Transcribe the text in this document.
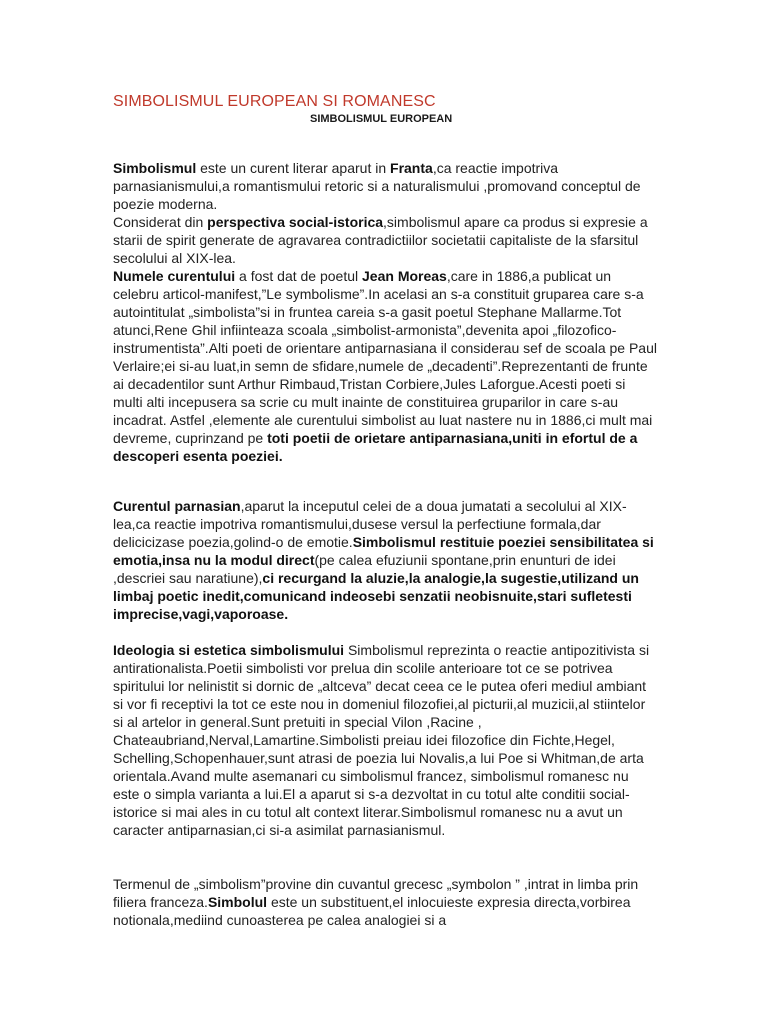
SIMBOLISMUL EUROPEAN SI ROMANESC
SIMBOLISMUL EUROPEAN

Simbolismul este un curent literar aparut in Franta,ca reactie impotriva parnasianismului,a romantismului retoric si a naturalismului ,promovand conceptul de poezie moderna.

Considerat din perspectiva social-istorica,simbolismul apare ca produs si expresie a starii de spirit generate de agravarea contradictiilor societatii capitaliste de la sfarsitul secolului al XIX-lea.

Numele curentului a fost dat de poetul Jean Moreas,care in 1886,a publicat un celebru articol-manifest,”Le symbolisme”.In acelasi an s-a constituit gruparea care s-a autointitulat „simbolista”si in fruntea careia s-a gasit poetul Stephane Mallarme.Tot atunci,Rene Ghil infiinteaza scoala „simbolist-armonista”,devenita apoi „filozofico-instrumentista”.Alti poeti de orientare antiparnasiana il considerau sef de scoala pe Paul Verlaire;ei si-au luat,in semn de sfidare,numele de „decadenti”.Reprezentanti de frunte ai decadentilor sunt Arthur Rimbaud,Tristan Corbiere,Jules Laforgue.Acesti poeti si multi alti incepusera sa scrie cu mult inainte de constituirea gruparilor in care s-au incadrat. Astfel ,elemente ale curentului simbolist au luat nastere nu in 1886,ci mult mai devreme, cuprinzand pe toti poetii de orietare antiparnasiana,uniti in efortul de a descoperi esenta poeziei.

Curentul parnasian,aparut la inceputul celei de a doua jumatati a secolului al XIX-lea,ca reactie impotriva romantismului,dusese versul la perfectiune formala,dar delicicizase poezia,golind-o de emotie.Simbolismul restituie poeziei sensibilitatea si emotia,insa nu la modul direct(pe calea efuziunii spontane,prin enunturi de idei ,descriei sau naratiune),ci recurgand la aluzie,la analogie,la sugestie,utilizand un limbaj poetic inedit,comunicand indeosebi senzatii neobisnuite,stari sufletesti imprecise,vagi,vaporoase.

Ideologia si estetica simbolismului Simbolismul reprezinta o reactie antipozitivista si antirationalista.Poetii simbolisti vor prelua din scolile anterioare tot ce se potrivea spiritului lor nelinistit si dornic de „altceva” decat ceea ce le putea oferi mediul ambiant si vor fi receptivi la tot ce este nou in domeniul filozofiei,al picturii,al muzicii,al stiintelor si al artelor in general.Sunt pretuiti in special Vilon ,Racine , Chateaubriand,Nerval,Lamartine.Simbolisti preiau idei filozofice din Fichte,Hegel, Schelling,Schopenhauer,sunt atrasi de poezia lui Novalis,a lui Poe si Whitman,de arta orientala.Avand multe asemanari cu simbolismul francez, simbolismul romanesc nu este o simpla varianta a lui.El a aparut si s-a dezvoltat in cu totul alte conditii social-istorice si mai ales in cu totul alt context literar.Simbolismul romanesc nu a avut un caracter antiparnasian,ci si-a asimilat parnasianismul.

Termenul de „simbolism”provine din cuvantul grecesc „symbolon ” ,intrat in limba prin filiera franceza.Simbolul este un substituent,el inlocuieste expresia directa,vorbirea notionala,mediind cunoasterea pe calea analogiei si a
